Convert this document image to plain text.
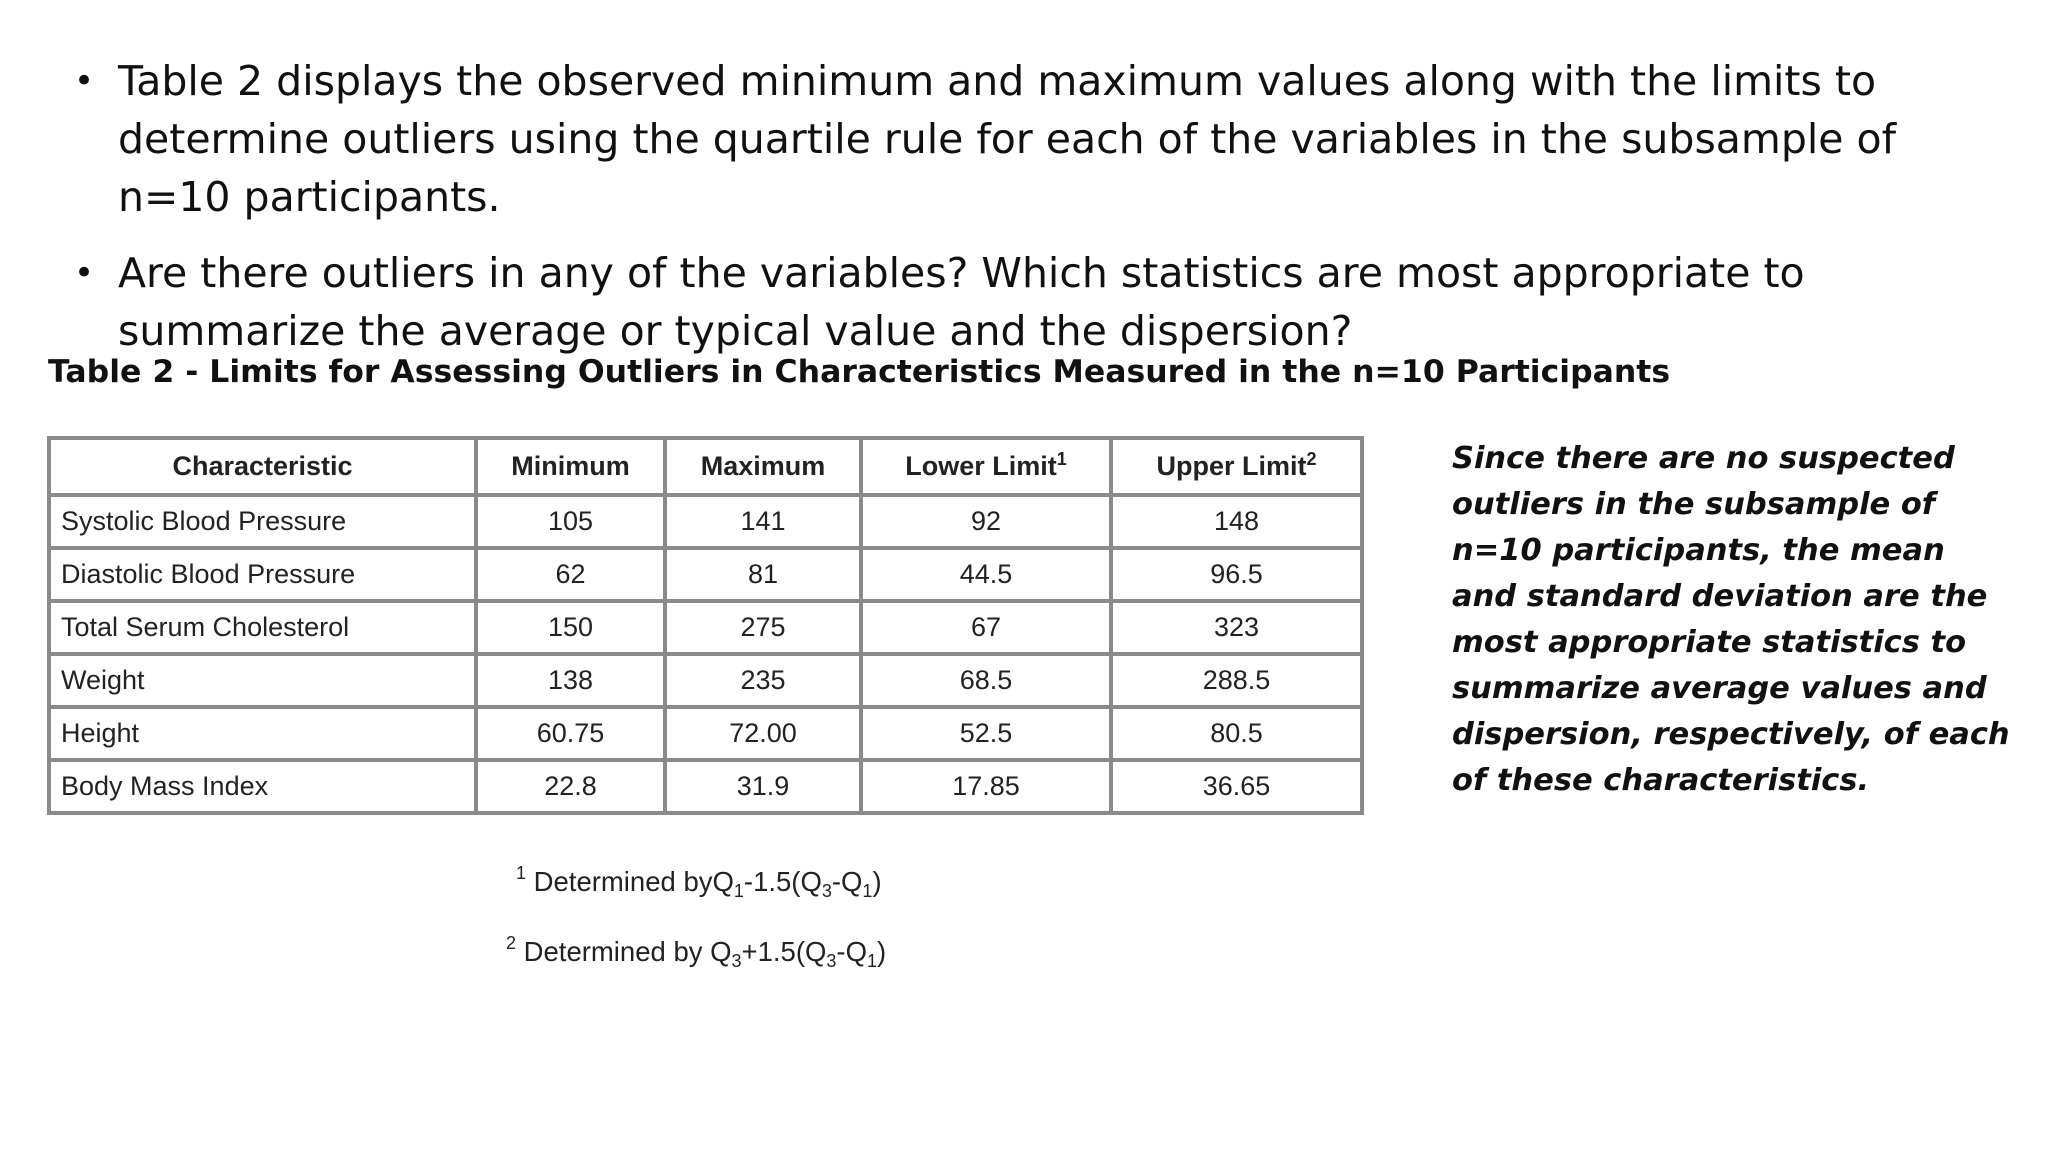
• Table 2 displays the observed minimum and maximum values along with the limits to determine outliers using the quartile rule for each of the variables in the subsample of n=10 participants.
• Are there outliers in any of the variables? Which statistics are most appropriate to summarize the average or typical value and the dispersion?
Table 2 - Limits for Assessing Outliers in Characteristics Measured in the n=10 Participants
Characteristic	Minimum	Maximum	Lower Limit$^1$	Upper Limit$^2$
Systolic Blood Pressure	105	141	92	148
Diastolic Blood Pressure	62	81	44.5	96.5
Total Serum Cholesterol	150	275	67	323
Weight	138	235	68.5	288.5
Height	60.75	72.00	52.5	80.5
Body Mass Index	22.8	31.9	17.85	36.65
$^1$ Determined $byQ_1-1.5(Q_3-Q_1)$
$^2$ Determined by $Q_3+1.5(Q_3-Q_1)$
Since there are no suspected outliers in the subsample of n=10 participants, the mean and standard deviation are the most appropriate statistics to summarize average values and dispersion, respectively, of each of these characteristics.
